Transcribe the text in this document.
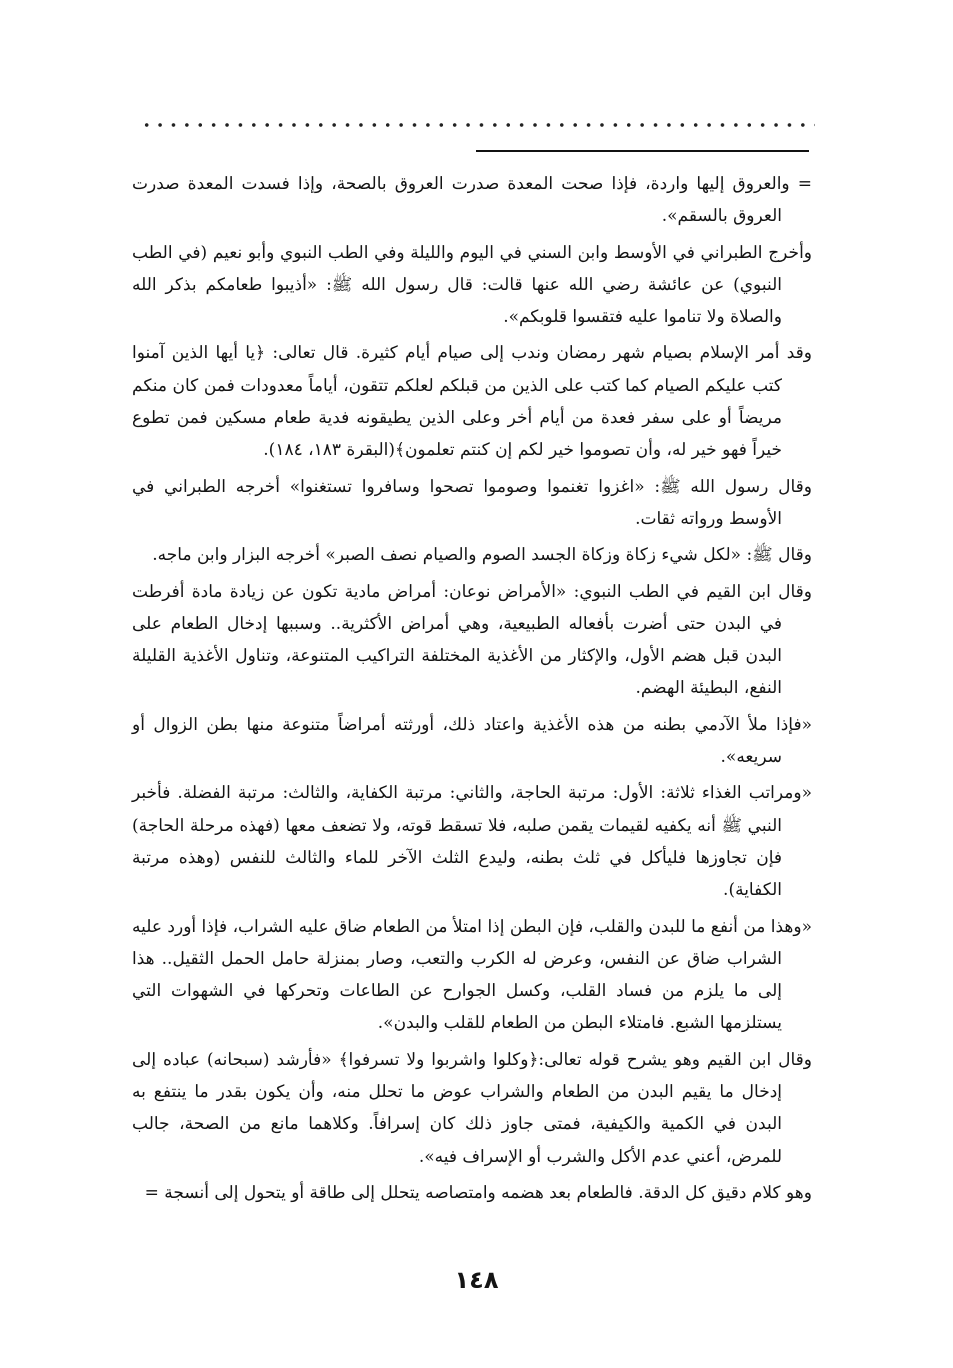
= والعروق إليها واردة، فإذا صحت المعدة صدرت العروق بالصحة، وإذا فسدت المعدة صدرت العروق بالسقم».

وأخرج الطبراني في الأوسط وابن السني في اليوم والليلة وفي الطب النبوي وأبو نعيم (في الطب النبوي) عن عائشة رضي الله عنها قالت: قال رسول الله ﷺ: «أذيبوا طعامكم بذكر الله والصلاة ولا تناموا عليه فتقسوا قلوبكم».

وقد أمر الإسلام بصيام شهر رمضان وندب إلى صيام أيام كثيرة. قال تعالى: ﴿يا أيها الذين آمنوا كتب عليكم الصيام كما كتب على الذين من قبلكم لعلكم تتقون، أياماً معدودات فمن كان منكم مريضاً أو على سفر فعدة من أيام أخر وعلى الذين يطيقونه فدية طعام مسكين فمن تطوع خيراً فهو خير له، وأن تصوموا خير لكم إن كنتم تعلمون﴾(البقرة ١٨٣، ١٨٤).

وقال رسول الله ﷺ: «اغزوا تغنموا وصوموا تصحوا وسافروا تستغنوا» أخرجه الطبراني في الأوسط ورواته ثقات.

وقال ﷺ: «لكل شيء زكاة وزكاة الجسد الصوم والصيام نصف الصبر» أخرجه البزار وابن ماجه.

وقال ابن القيم في الطب النبوي: «الأمراض نوعان: أمراض مادية تكون عن زيادة مادة أفرطت في البدن حتى أضرت بأفعاله الطبيعية، وهي أمراض الأكثرية.. وسببها إدخال الطعام على البدن قبل هضم الأول، والإكثار من الأغذية المختلفة التراكيب المتنوعة، وتناول الأغذية القليلة النفع، البطيئة الهضم.

«فإذا ملأ الآدمي بطنه من هذه الأغذية واعتاد ذلك، أورثته أمراضاً متنوعة منها بطن الزوال أو سريعه».

«ومراتب الغذاء ثلاثة: الأول: مرتبة الحاجة، والثاني: مرتبة الكفاية، والثالث: مرتبة الفضلة. فأخبر النبي ﷺ أنه يكفيه لقيمات يقمن صلبه، فلا تسقط قوته، ولا تضعف معها (فهذه مرحلة الحاجة) فإن تجاوزها فليأكل في ثلث بطنه، وليدع الثلث الآخر للماء والثالث للنفس (وهذه مرتبة الكفاية).

«وهذا من أنفع ما للبدن والقلب، فإن البطن إذا امتلأ من الطعام ضاق عليه الشراب، فإذا أورد عليه الشراب ضاق عن النفس، وعرض له الكرب والتعب، وصار بمنزلة حامل الحمل الثقيل.. هذا إلى ما يلزم من فساد القلب، وكسل الجوارح عن الطاعات وتحركها في الشهوات التي يستلزمها الشبع. فامتلاء البطن من الطعام للقلب والبدن».

وقال ابن القيم وهو يشرح قوله تعالى:﴿وكلوا واشربوا ولا تسرفوا﴾ «فأرشد (سبحانه) عباده إلى إدخال ما يقيم البدن من الطعام والشراب عوض ما تحلل منه، وأن يكون بقدر ما ينتفع به البدن في الكمية والكيفية، فمتى جاوز ذلك كان إسرافاً. وكلاهما مانع من الصحة، جالب للمرض، أعني عدم الأكل والشرب أو الإسراف فيه».

وهو كلام دقيق كل الدقة. فالطعام بعد هضمه وامتصاصه يتحلل إلى طاقة أو يتحول إلى أنسجة =

١٤٨
